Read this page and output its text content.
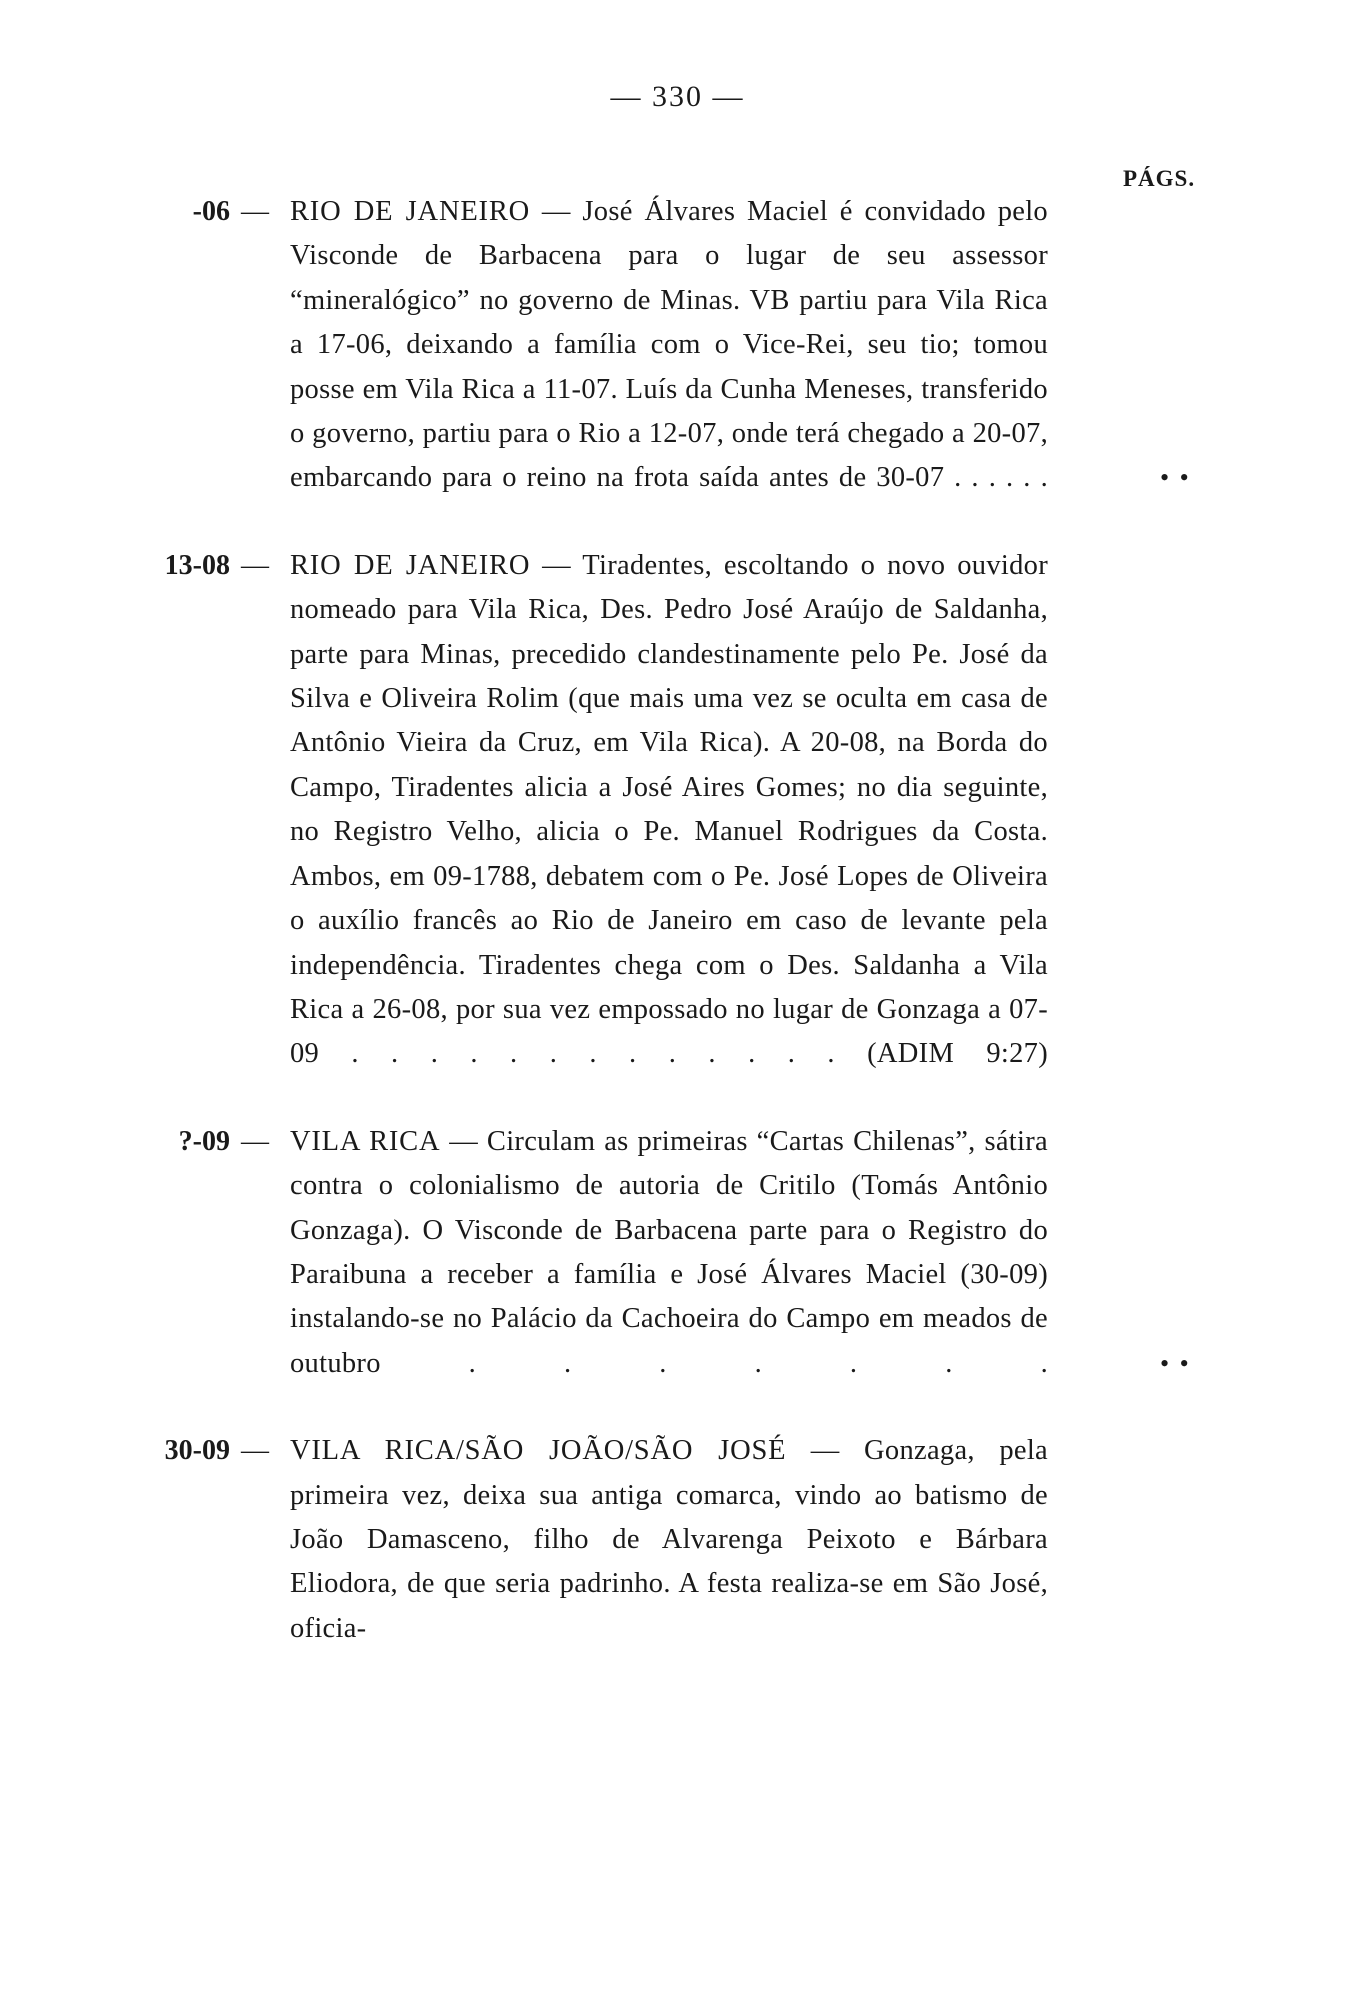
— 330 —
PÁGS.
-06 — RIO DE JANEIRO — José Álvares Maciel é convidado pelo Visconde de Barbacena para o lugar de seu assessor “mineralógico” no governo de Minas. VB partiu para Vila Rica a 17-06, deixando a família com o Vice-Rei, seu tio; tomou posse em Vila Rica a 11-07. Luís da Cunha Meneses, transferido o governo, partiu para o Rio a 12-07, onde terá chegado a 20-07, embarcando para o reino na frota saída antes de 30-07 . . . . . .	• •
13-08 — RIO DE JANEIRO — Tiradentes, escoltando o novo ouvidor nomeado para Vila Rica, Des. Pedro José Araújo de Saldanha, parte para Minas, precedido clandestinamente pelo Pe. José da Silva e Oliveira Rolim (que mais uma vez se oculta em casa de Antônio Vieira da Cruz, em Vila Rica). A 20-08, na Borda do Campo, Tiradentes alicia a José Aires Gomes; no dia seguinte, no Registro Velho, alicia o Pe. Manuel Rodrigues da Costa. Ambos, em 09-1788, debatem com o Pe. José Lopes de Oliveira o auxílio francês ao Rio de Janeiro em caso de levante pela independência. Tiradentes chega com o Des. Saldanha a Vila Rica a 26-08, por sua vez empossado no lugar de Gonzaga a 07-09 . . . . . . . . . . . . . (ADIM 9:27)
?-09 — VILA RICA — Circulam as primeiras “Cartas Chilenas”, sátira contra o colonialismo de autoria de Critilo (Tomás Antônio Gonzaga). O Visconde de Barbacena parte para o Registro do Paraibuna a receber a família e José Álvares Maciel (30-09) instalando-se no Palácio da Cachoeira do Campo em meados de outubro . . . . . . .	• •
30-09 — VILA RICA/SÃO JOÃO/SÃO JOSÉ — Gonzaga, pela primeira vez, deixa sua antiga comarca, vindo ao batismo de João Damasceno, filho de Alvarenga Peixoto e Bárbara Eliodora, de que seria padrinho. A festa realiza-se em São José, oficia-
